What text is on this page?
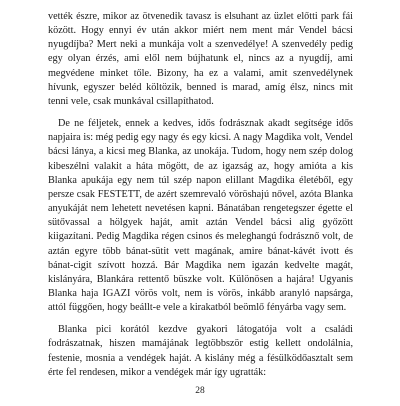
vették észre, mikor az ötvenedik tavasz is elsuhant az üzlet előtti park fái között. Hogy ennyi év után akkor miért nem ment már Vendel bácsi nyugdíjba? Mert neki a munkája volt a szenvedélye! A szenvedély pedig egy olyan érzés, ami elől nem bújhatunk el, nincs az a nyugdíj, ami megvédene minket tőle. Bizony, ha ez a valami, amit szenvedélynek hívunk, egyszer beléd költözik, benned is marad, amíg élsz, nincs mit tenni vele, csak munkával csillapíthatod.

De ne féljetek, ennek a kedves, idős fodrásznak akadt segítsége idős napjaira is: még pedig egy nagy és egy kicsi. A nagy Magdika volt, Vendel bácsi lánya, a kicsi meg Blanka, az unokája. Tudom, hogy nem szép dolog kibeszélni valakit a háta mögött, de az igazság az, hogy amióta a kis Blanka apukája egy nem túl szép napon elillant Magdika életéből, egy persze csak FESTETT, de azért szemrevaló vöröshajú nővel, azóta Blanka anyukáját nem lehetett nevetésen kapni. Bánatában rengetegszer égette el sütővassal a hölgyek haját, amit aztán Vendel bácsi alig győzött kiigazítani. Pedig Magdika régen csinos és meleghangú fodrásznő volt, de aztán egyre több bánat-sütit vett magának, amire bánat-kávét ivott és bánat-cigit szívott hozzá. Bár Magdika nem igazán kedvelte magát, kislányára, Blankára rettentő büszke volt. Különösen a hajára! Ugyanis Blanka haja IGAZI vörös volt, nem is vörös, inkább aranyló napsárga, attól függően, hogy beállt-e vele a kirakatból beömlő fényárba vagy sem.

Blanka pici korától kezdve gyakori látogatója volt a családi fodrászatnak, hiszen mamájának legtöbbször estig kellett ondolálnia, festenie, mosnia a vendégek haját. A kislány még a fésülködőasztalt sem érte fel rendesen, mikor a vendégek már így ugratták:

28
